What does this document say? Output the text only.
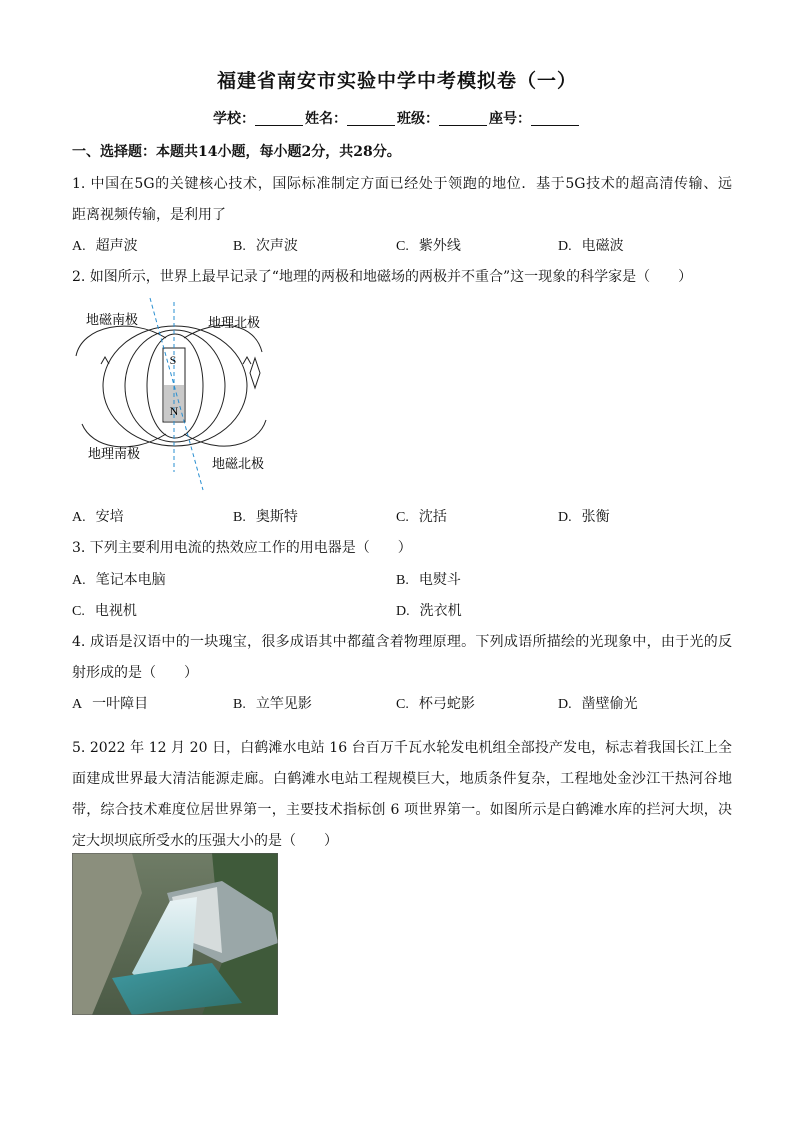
福建省南安市实验中学中考模拟卷（一）
学校：	姓名：	班级：	座号：
一、选择题：本题共14小题，每小题2分，共28分。
1. 中国在5G的关键核心技术，国际标准制定方面已经处于领跑的地位．基于5G技术的超高清传输、远
距离视频传输，是利用了
A. 超声波	B. 次声波	C. 紫外线	D. 电磁波
2. 如图所示，世界上最早记录了“地理的两极和地磁场的两极并不重合”这一现象的科学家是（　　）
S
N
地磁南极	地理北极
地理南极
地磁北极
A. 安培	B. 奥斯特	C. 沈括	D. 张衡
3. 下列主要利用电流的热效应工作的用电器是（　　）
A. 笔记本电脑	B. 电熨斗
C. 电视机	D. 洗衣机
4. 成语是汉语中的一块瑰宝，很多成语其中都蕴含着物理原理。下列成语所描绘的光现象中，由于光的反
射形成的是（　　）
A 一叶障目	B. 立竿见影	C. 杯弓蛇影	D. 凿壁偷光
5. 2022 年 12 月 20 日，白鹤滩水电站 16 台百万千瓦水轮发电机组全部投产发电，标志着我国长江上全
面建成世界最大清洁能源走廊。白鹤滩水电站工程规模巨大，地质条件复杂，工程地处金沙江干热河谷地
带，综合技术难度位居世界第一，主要技术指标创 6 项世界第一。如图所示是白鹤滩水库的拦河大坝，决
定大坝坝底所受水的压强大小的是（　　）
